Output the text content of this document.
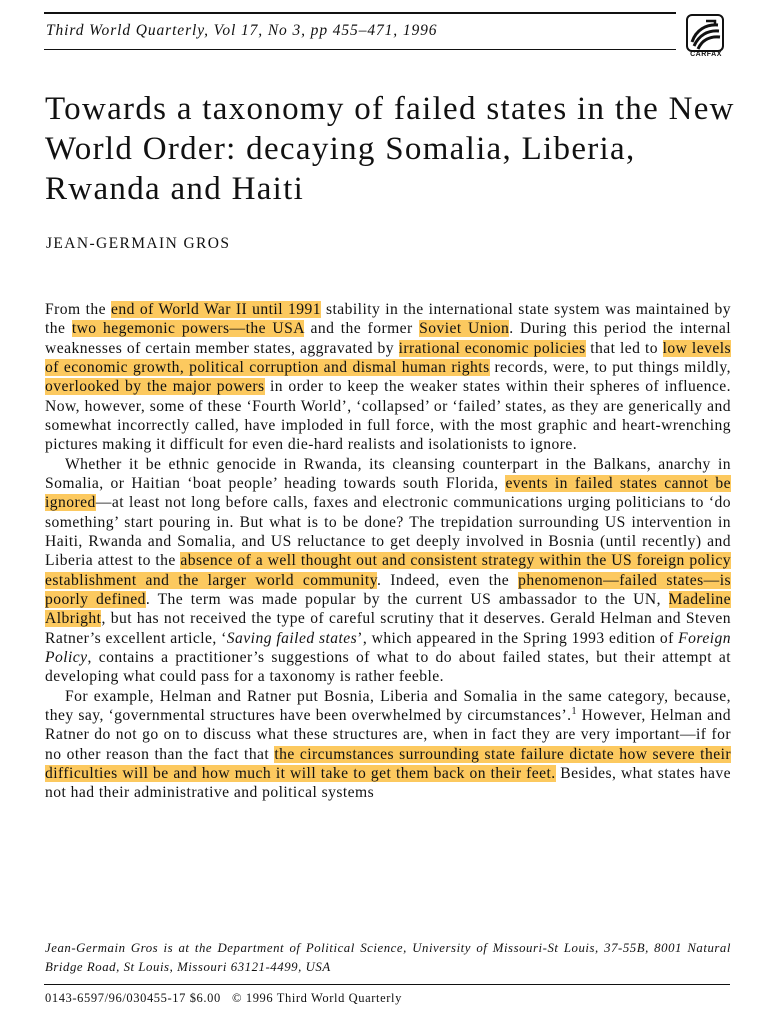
Third World Quarterly, Vol 17, No 3, pp 455–471, 1996
CARFAX
Towards a taxonomy of failed states in the New World Order: decaying Somalia, Liberia, Rwanda and Haiti
JEAN-GERMAIN GROS

From the end of World War II until 1991 stability in the international state system was maintained by the two hegemonic powers—the USA and the former Soviet Union. During this period the internal weaknesses of certain member states, aggravated by irrational economic policies that led to low levels of economic growth, political corruption and dismal human rights records, were, to put things mildly, overlooked by the major powers in order to keep the weaker states within their spheres of influence. Now, however, some of these ‘Fourth World’, ‘collapsed’ or ‘failed’ states, as they are generically and somewhat incorrectly called, have imploded in full force, with the most graphic and heart-wrenching pictures making it difficult for even die-hard realists and isolationists to ignore.

Whether it be ethnic genocide in Rwanda, its cleansing counterpart in the Balkans, anarchy in Somalia, or Haitian ‘boat people’ heading towards south Florida, events in failed states cannot be ignored—at least not long before calls, faxes and electronic communications urging politicians to ‘do something’ start pouring in. But what is to be done? The trepidation surrounding US intervention in Haiti, Rwanda and Somalia, and US reluctance to get deeply involved in Bosnia (until recently) and Liberia attest to the absence of a well thought out and consistent strategy within the US foreign policy establishment and the larger world community. Indeed, even the phenomenon—failed states—is poorly defined. The term was made popular by the current US ambassador to the UN, Madeline Albright, but has not received the type of careful scrutiny that it deserves. Gerald Helman and Steven Ratner’s excellent article, ‘Saving failed states’, which appeared in the Spring 1993 edition of Foreign Policy, contains a practitioner’s suggestions of what to do about failed states, but their attempt at developing what could pass for a taxonomy is rather feeble.

For example, Helman and Ratner put Bosnia, Liberia and Somalia in the same category, because, they say, ‘governmental structures have been overwhelmed by circumstances’.$^1$ However, Helman and Ratner do not go on to discuss what these structures are, when in fact they are very important—if for no other reason than the fact that the circumstances surrounding state failure dictate how severe their difficulties will be and how much it will take to get them back on their feet. Besides, what states have not had their administrative and political systems

Jean-Germain Gros is at the Department of Political Science, University of Missouri-St Louis, 37-55B, 8001 Natural Bridge Road, St Louis, Missouri 63121-4499, USA
0143-6597/96/030455-17 $6.00 © 1996 Third World Quarterly
